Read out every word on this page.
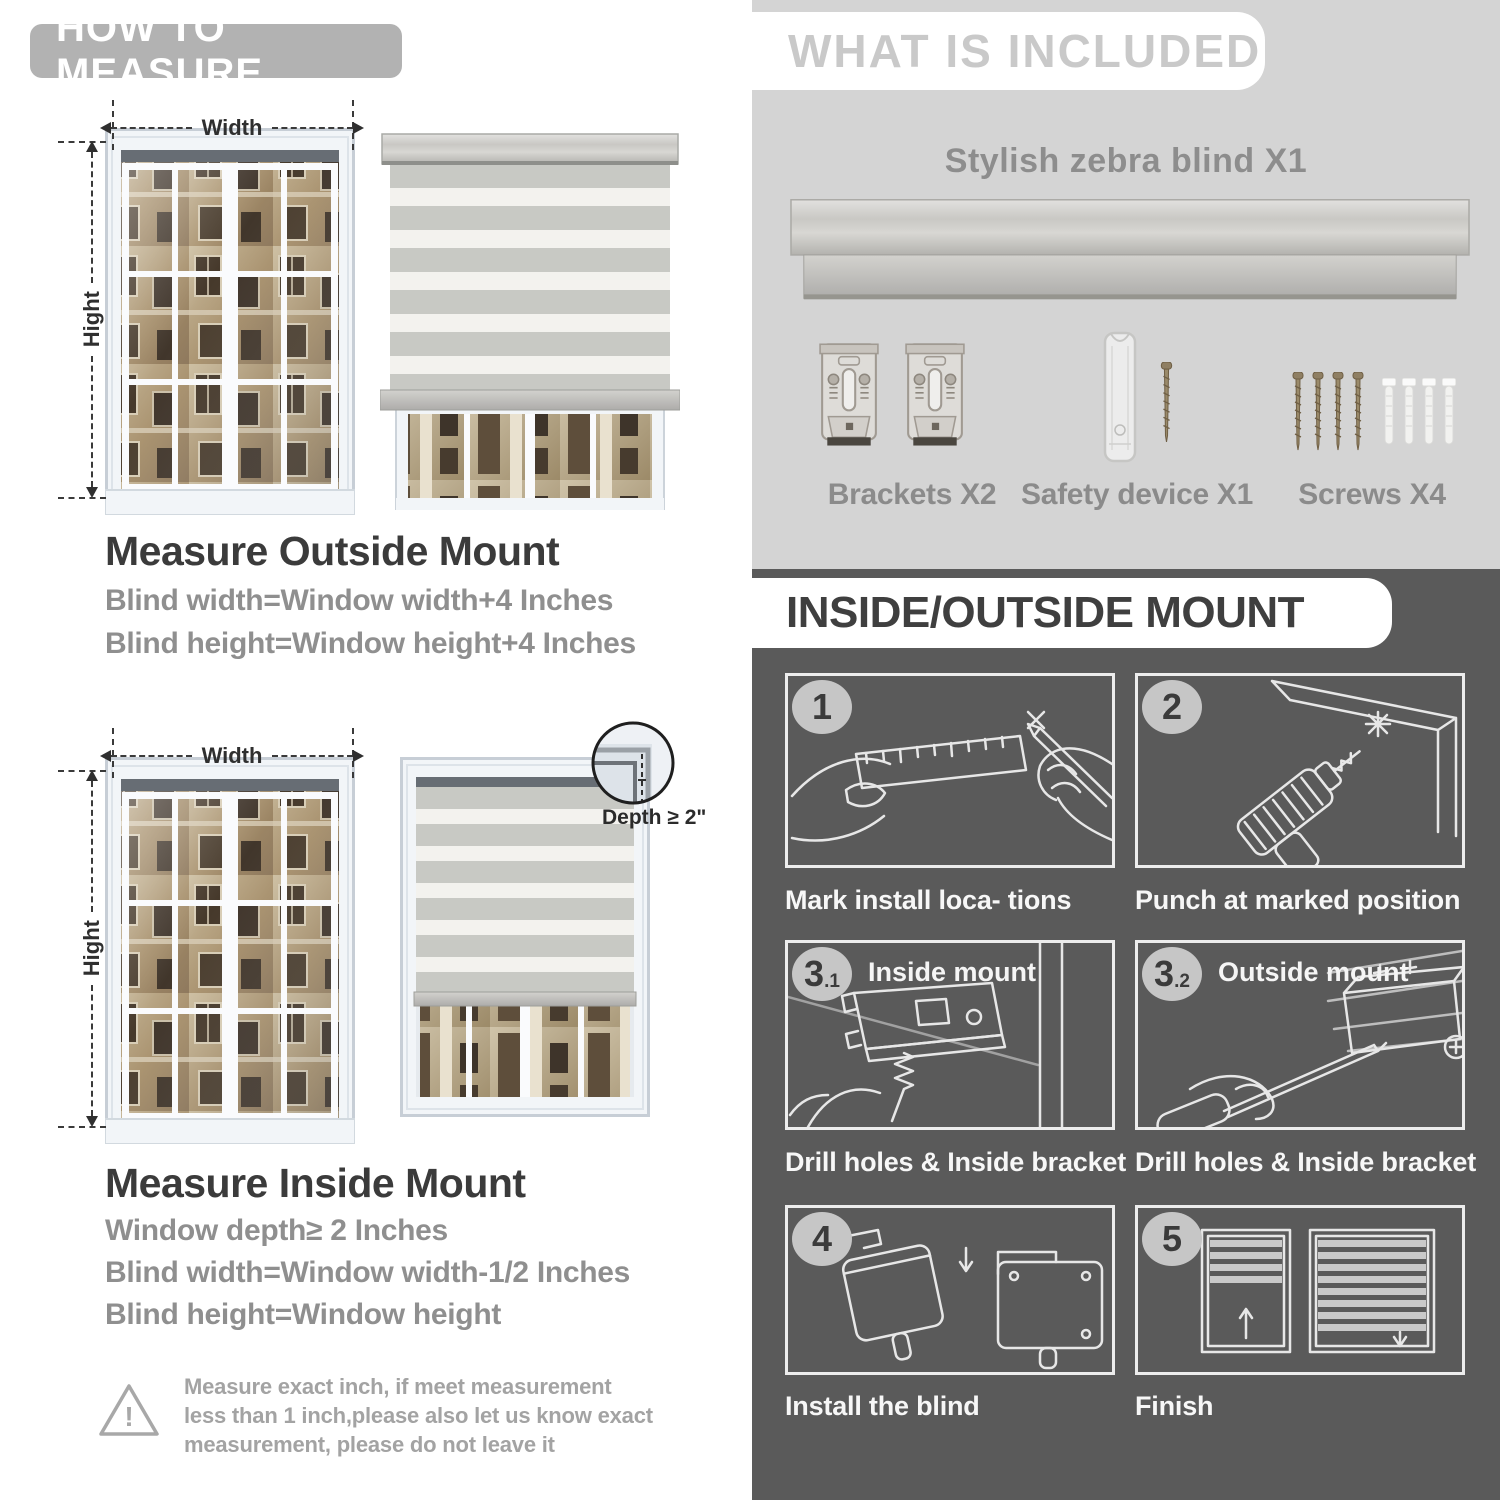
HOW TO MEASURE
Width
Hight
Measure Outside Mount
Blind width=Window width+4 Inches
Blind height=Window height+4 Inches
Depth ≥ 2"
Width
Hight
Measure Inside Mount
Window depth≥ 2 Inches
Blind width=Window width-1/2 Inches
Blind height=Window height
Measure exact inch, if meet measurement less than 1 inch,please also let us know exact measurement, please do not leave it
WHAT IS INCLUDED
Stylish zebra blind X1
Brackets X2 Safety device X1	Screws X4
INSIDE/OUTSIDE MOUNT
1
Mark install loca- tions
2
Punch at marked position
3 .1 Inside mount
Drill holes & Inside bracket
3 .2 Outside mount
Drill holes & Inside bracket
4
Install the blind
5
Finish
